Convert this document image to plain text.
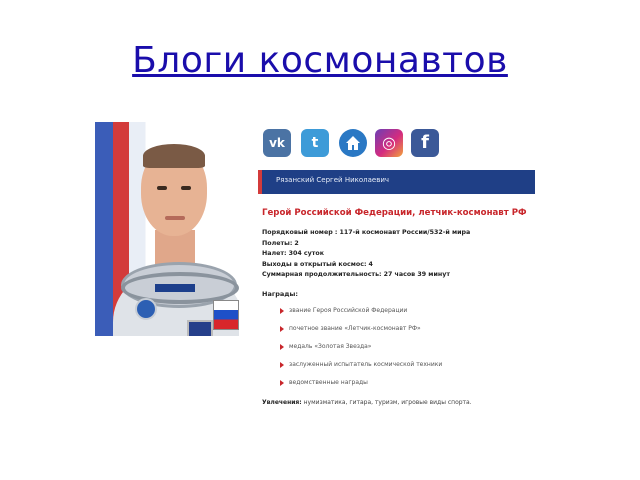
Блоги космонавтов
vk	t	◎	f
Рязанский Сергей Николаевич
Герой Российской Федерации, летчик-космонавт РФ
Порядковый номер : 117-й космонавт России/532-й мира
Полеты: 2
Налет: 304 суток
Выходы в открытый космос: 4
Суммарная продолжительность: 27 часов 39 минут
Награды:
звание Героя Российской Федерации
почетное звание «Летчик-космонавт РФ»
медаль «Золотая Звезда»
заслуженный испытатель космической техники
ведомственные награды
Увлечения: нумизматика, гитара, туризм, игровые виды спорта.
